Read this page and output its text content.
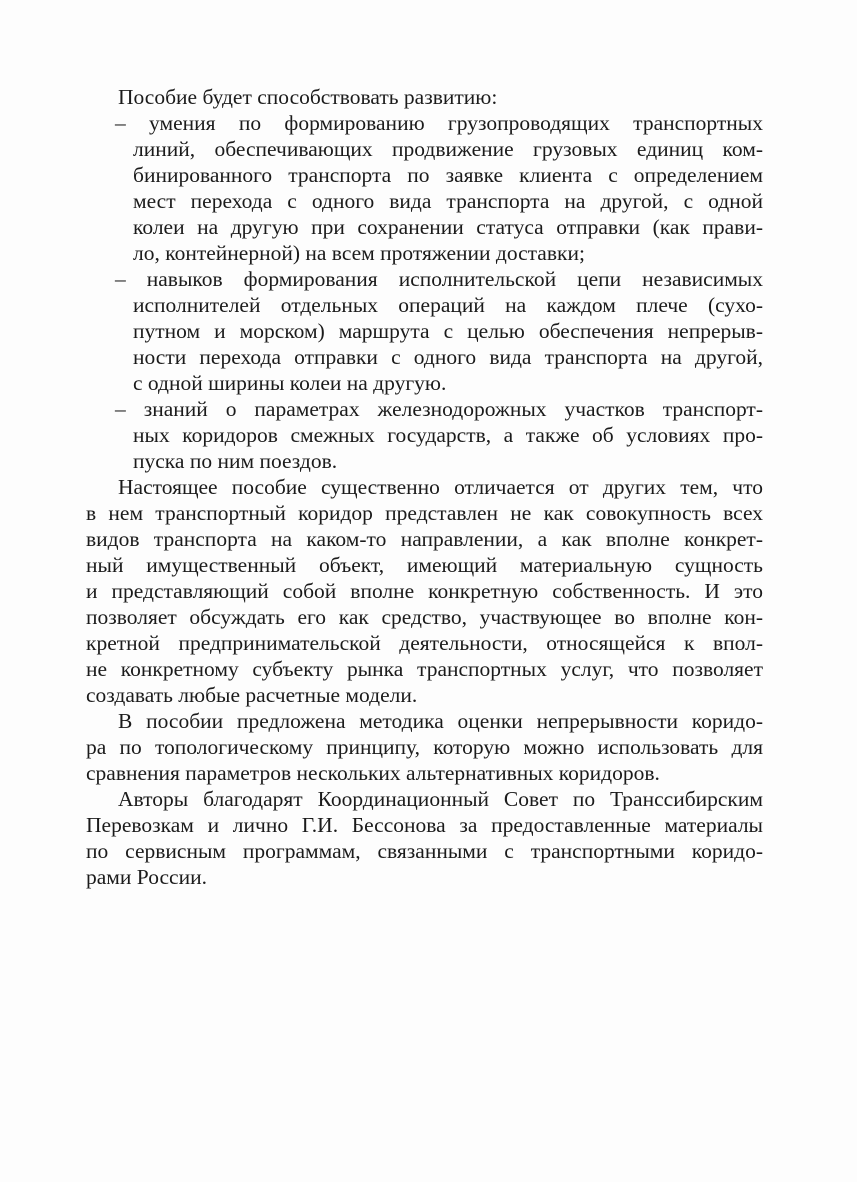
Пособие будет способствовать развитию:
– умения по формированию грузопроводящих транспортных
линий, обеспечивающих продвижение грузовых единиц ком-
бинированного транспорта по заявке клиента с определением
мест перехода с одного вида транспорта на другой, с одной
колеи на другую при сохранении статуса отправки (как прави-
ло, контейнерной) на всем протяжении доставки;
– навыков формирования исполнительской цепи независимых
исполнителей отдельных операций на каждом плече (сухо-
путном и морском) маршрута с целью обеспечения непрерыв-
ности перехода отправки с одного вида транспорта на другой,
с одной ширины колеи на другую.
– знаний о параметрах железнодорожных участков транспорт-
ных коридоров смежных государств, а также об условиях про-
пуска по ним поездов.
Настоящее пособие существенно отличается от других тем, что
в нем транспортный коридор представлен не как совокупность всех
видов транспорта на каком-то направлении, а как вполне конкрет-
ный имущественный объект, имеющий материальную сущность
и представляющий собой вполне конкретную собственность. И это
позволяет обсуждать его как средство, участвующее во вполне кон-
кретной предпринимательской деятельности, относящейся к впол-
не конкретному субъекту рынка транспортных услуг, что позволяет
создавать любые расчетные модели.
В пособии предложена методика оценки непрерывности коридо-
ра по топологическому принципу, которую можно использовать для
сравнения параметров нескольких альтернативных коридоров.
Авторы благодарят Координационный Совет по Транссибирским
Перевозкам и лично Г.И. Бессонова за предоставленные материалы
по сервисным программам, связанными с транспортными коридо-
рами России.
